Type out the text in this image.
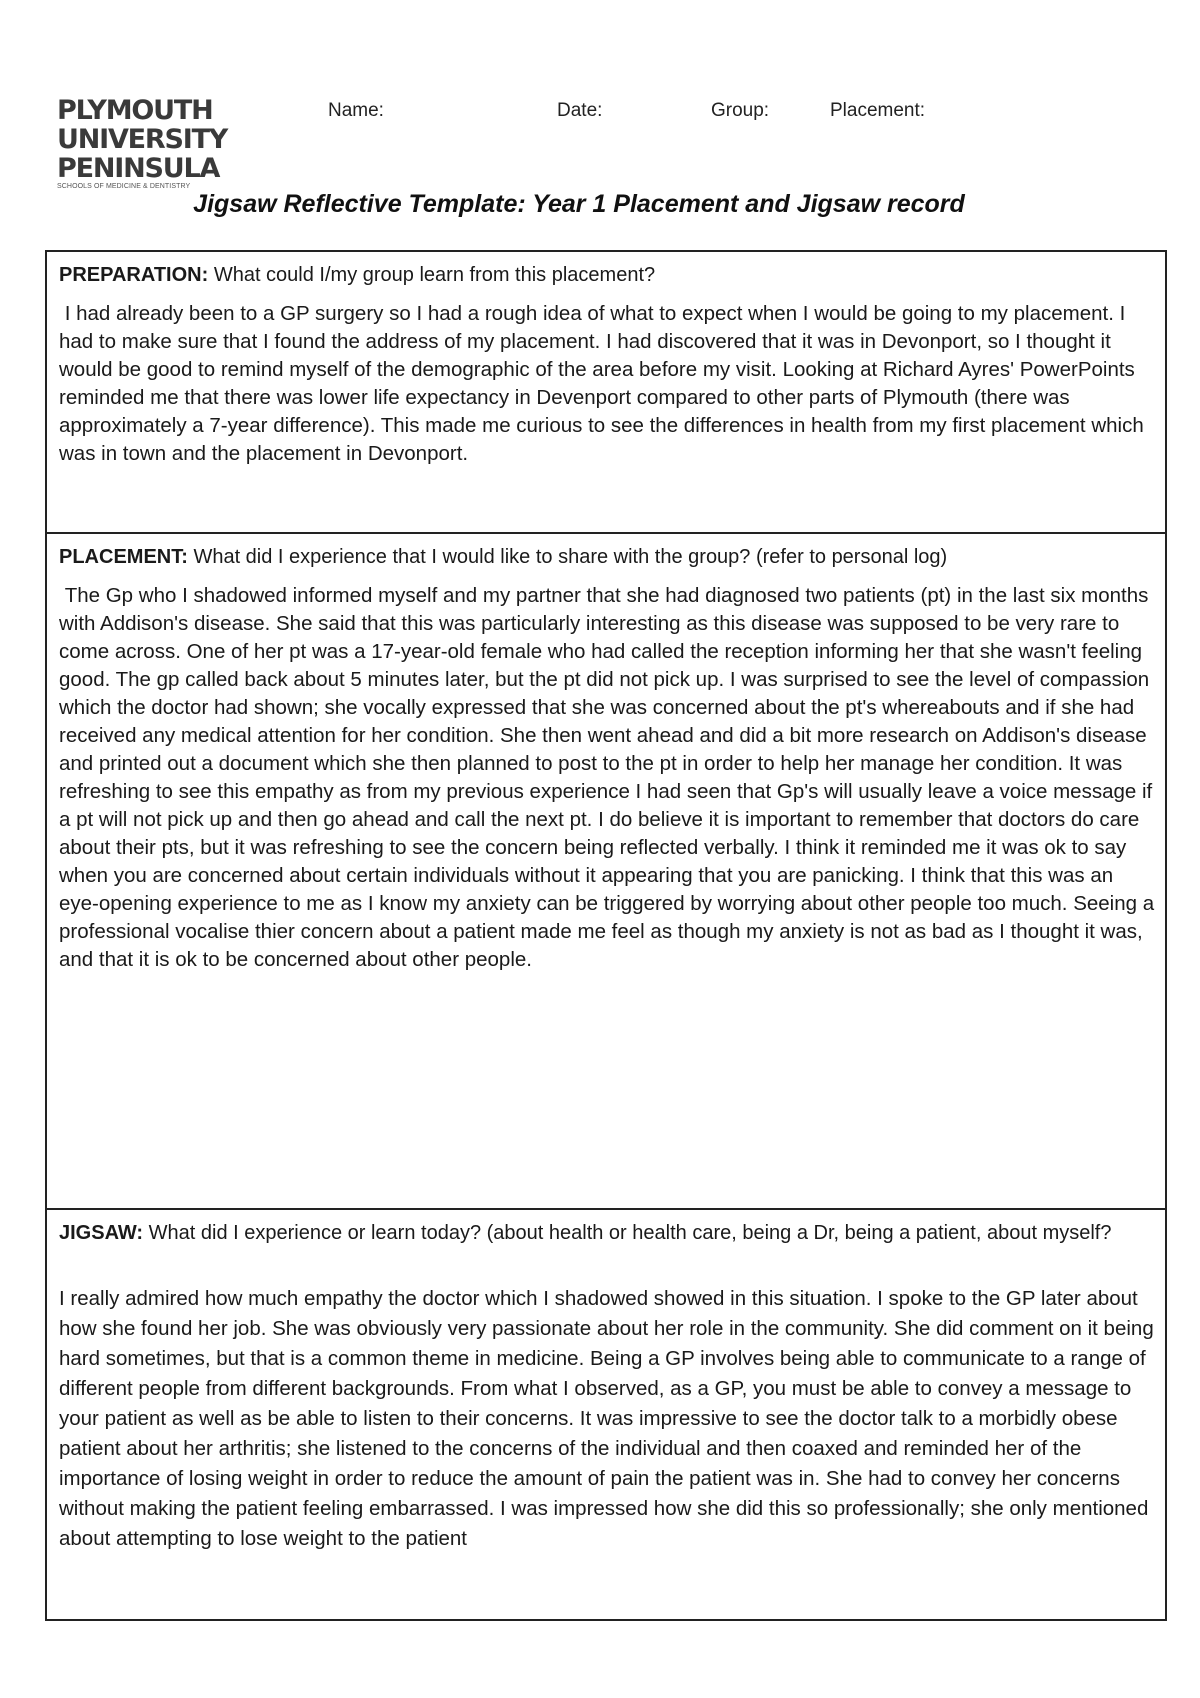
PLYMOUTH
UNIVERSITY
PENINSULA
SCHOOLS OF MEDICINE & DENTISTRY
Name:	Date:	Group:	Placement:
Jigsaw Reflective Template: Year 1 Placement and Jigsaw record

PREPARATION: What could I/my group learn from this placement?

I had already been to a GP surgery so I had a rough idea of what to expect when I would be going to my placement. I had to make sure that I found the address of my placement. I had discovered that it was in Devonport, so I thought it would be good to remind myself of the demographic of the area before my visit. Looking at Richard Ayres' PowerPoints reminded me that there was lower life expectancy in Devenport compared to other parts of Plymouth (there was approximately a 7-year difference). This made me curious to see the differences in health from my first placement which was in town and the placement in Devonport.

PLACEMENT: What did I experience that I would like to share with the group? (refer to personal log)

The Gp who I shadowed informed myself and my partner that she had diagnosed two patients (pt) in the last six months with Addison's disease. She said that this was particularly interesting as this disease was supposed to be very rare to come across. One of her pt was a 17-year-old female who had called the reception informing her that she wasn't feeling good. The gp called back about 5 minutes later, but the pt did not pick up. I was surprised to see the level of compassion which the doctor had shown; she vocally expressed that she was concerned about the pt's whereabouts and if she had received any medical attention for her condition. She then went ahead and did a bit more research on Addison's disease and printed out a document which she then planned to post to the pt in order to help her manage her condition. It was refreshing to see this empathy as from my previous experience I had seen that Gp's will usually leave a voice message if a pt will not pick up and then go ahead and call the next pt. I do believe it is important to remember that doctors do care about their pts, but it was refreshing to see the concern being reflected verbally. I think it reminded me it was ok to say when you are concerned about certain individuals without it appearing that you are panicking. I think that this was an eye-opening experience to me as I know my anxiety can be triggered by worrying about other people too much. Seeing a professional vocalise thier concern about a patient made me feel as though my anxiety is not as bad as I thought it was, and that it is ok to be concerned about other people.

JIGSAW: What did I experience or learn today? (about health or health care, being a Dr, being a patient, about myself?

I really admired how much empathy the doctor which I shadowed showed in this situation. I spoke to the GP later about how she found her job. She was obviously very passionate about her role in the community. She did comment on it being hard sometimes, but that is a common theme in medicine. Being a GP involves being able to communicate to a range of different people from different backgrounds. From what I observed, as a GP, you must be able to convey a message to your patient as well as be able to listen to their concerns. It was impressive to see the doctor talk to a morbidly obese patient about her arthritis; she listened to the concerns of the individual and then coaxed and reminded her of the importance of losing weight in order to reduce the amount of pain the patient was in. She had to convey her concerns without making the patient feeling embarrassed. I was impressed how she did this so professionally; she only mentioned about attempting to lose weight to the patient
